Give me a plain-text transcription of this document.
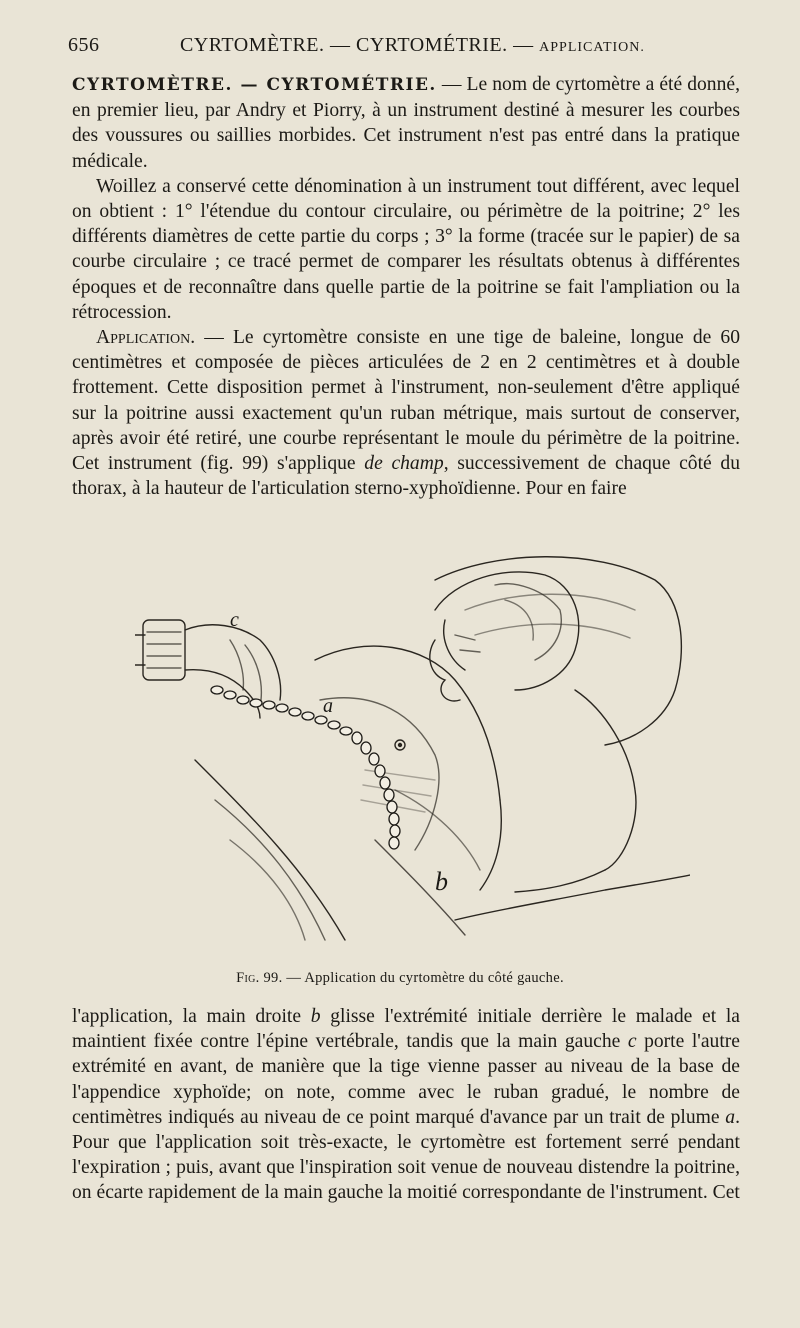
656	CYRTOMÈTRE. — CYRTOMÉTRIE. — APPLICATION.

CYRTOMÈTRE. — CYRTOMÉTRIE. — Le nom de cyrtomètre a été donné, en premier lieu, par Andry et Piorry, à un instrument destiné à mesurer les courbes des voussures ou saillies morbides. Cet instrument n'est pas entré dans la pratique médicale.

Woillez a conservé cette dénomination à un instrument tout différent, avec lequel on obtient : 1° l'étendue du contour circulaire, ou périmètre de la poitrine; 2° les différents diamètres de cette partie du corps ; 3° la forme (tracée sur le papier) de sa courbe circulaire ; ce tracé permet de comparer les résultats obtenus à différentes époques et de reconnaître dans quelle partie de la poitrine se fait l'ampliation ou la rétrocession.

Application. — Le cyrtomètre consiste en une tige de baleine, longue de 60 centimètres et composée de pièces articulées de 2 en 2 centimètres et à double frottement. Cette disposition permet à l'instrument, non-seulement d'être appliqué sur la poitrine aussi exactement qu'un ruban métrique, mais surtout de conserver, après avoir été retiré, une courbe représentant le moule du périmètre de la poitrine. Cet instrument (fig. 99) s'applique de champ, successivement de chaque côté du thorax, à la hauteur de l'articulation sterno-xyphoïdienne. Pour en faire

c
a
b
Fig. 99. — Application du cyrtomètre du côté gauche.

l'application, la main droite b glisse l'extrémité initiale derrière le malade et la maintient fixée contre l'épine vertébrale, tandis que la main gauche c porte l'autre extrémité en avant, de manière que la tige vienne passer au niveau de la base de l'appendice xyphoïde; on note, comme avec le ruban gradué, le nombre de centimètres indiqués au niveau de ce point marqué d'avance par un trait de plume a. Pour que l'application soit très-exacte, le cyrtomètre est fortement serré pendant l'expiration ; puis, avant que l'inspiration soit venue de nouveau distendre la poitrine, on écarte rapidement de la main gauche la moitié correspondante de l'instrument. Cet
